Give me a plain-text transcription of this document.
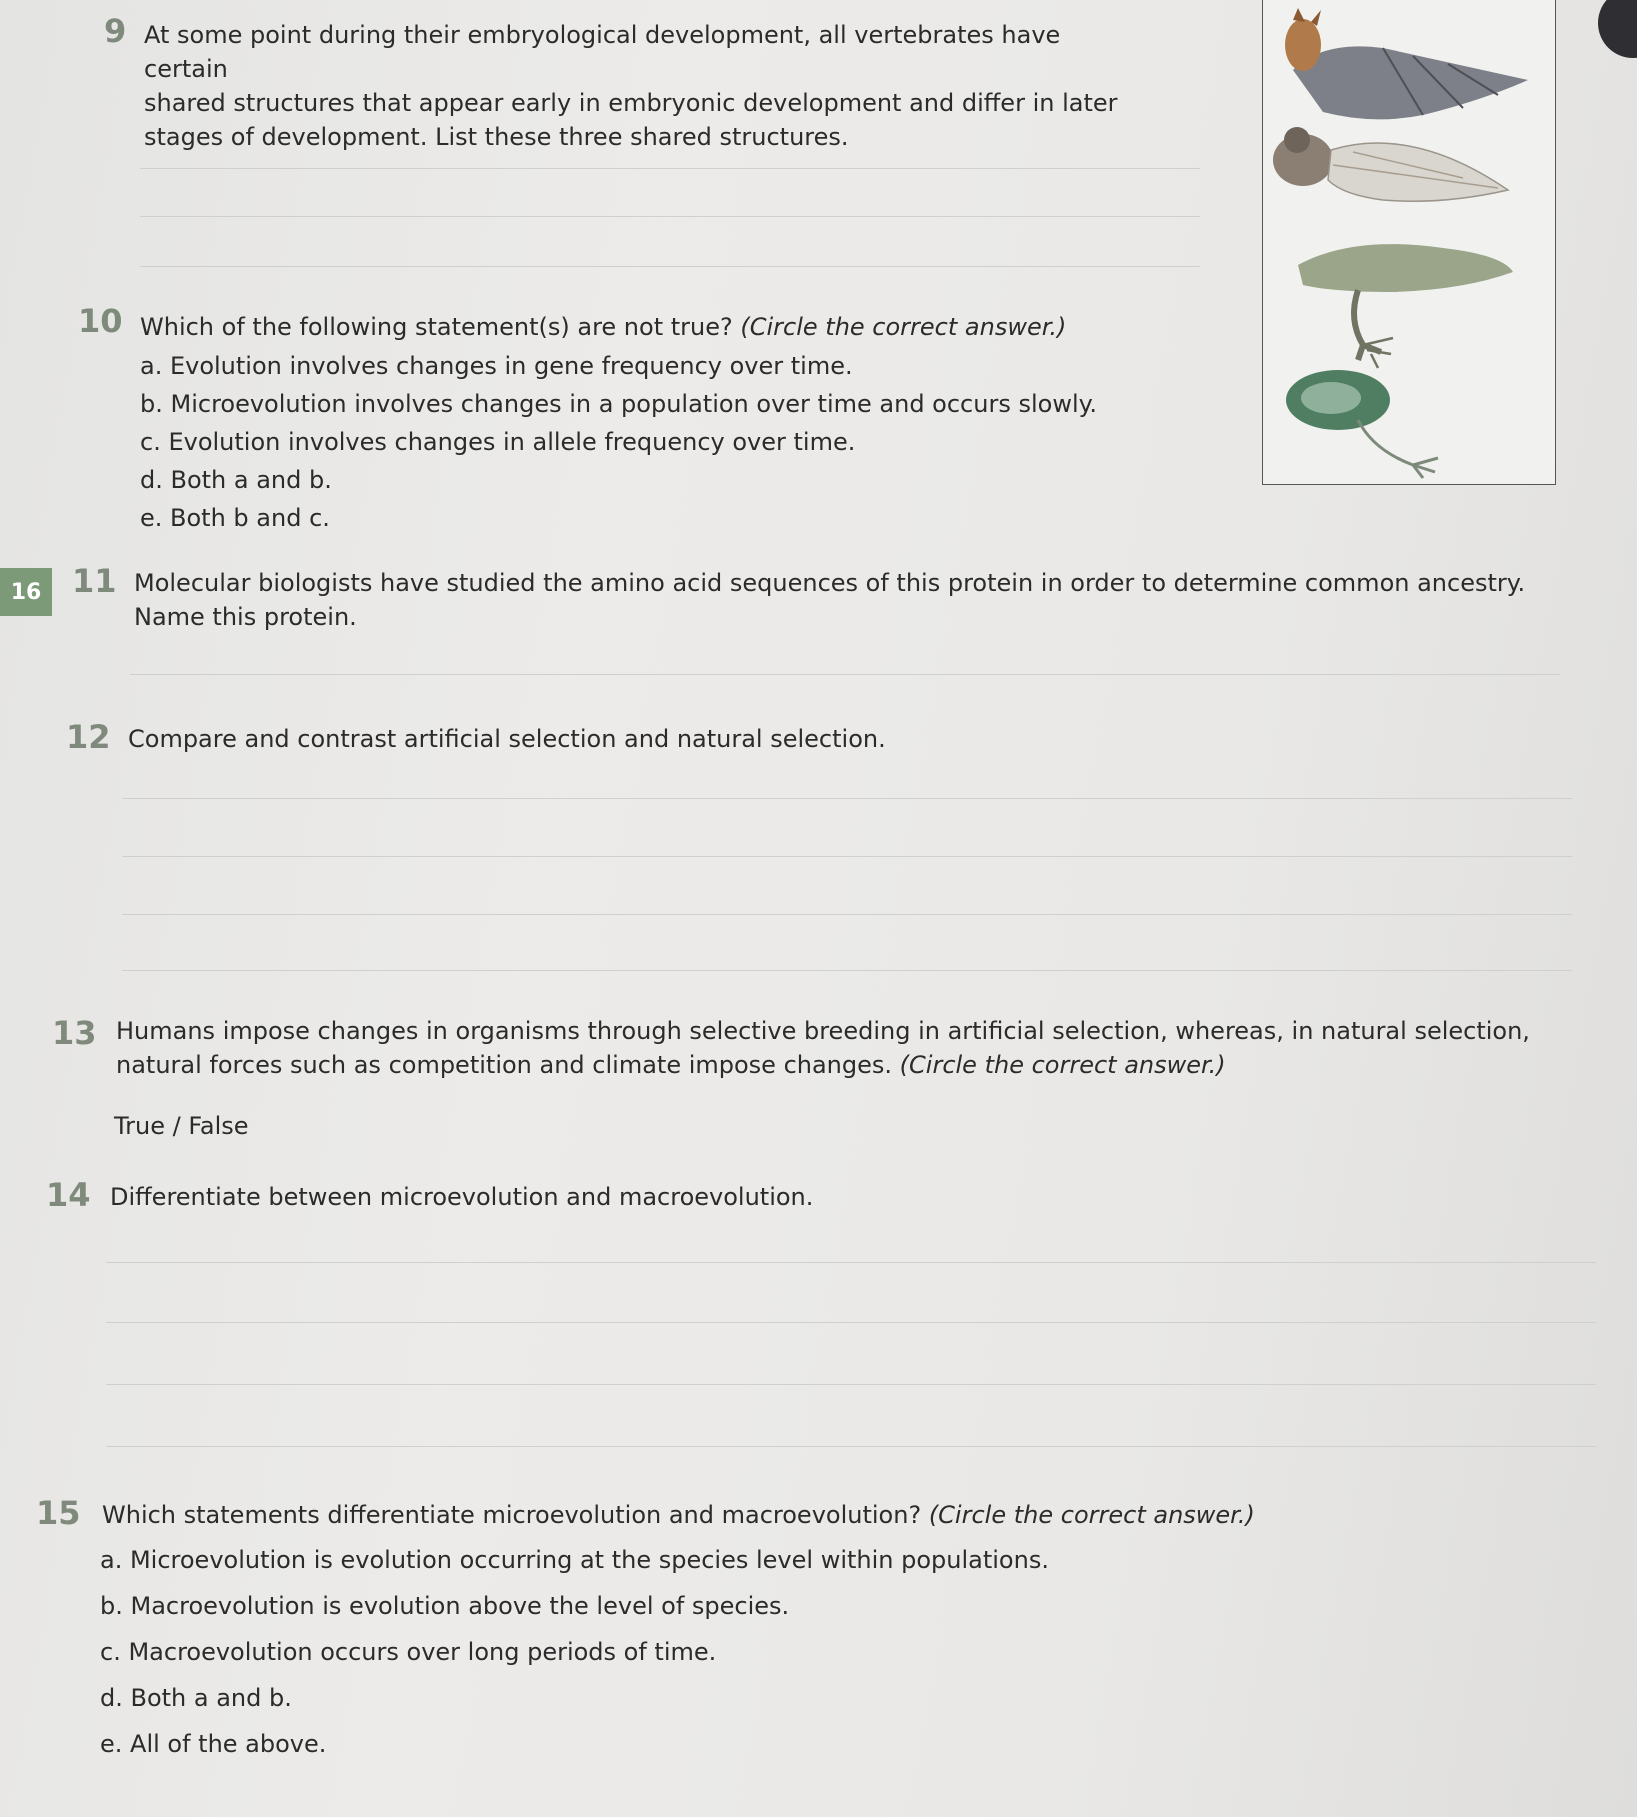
16
9 At some point during their embryological development, all vertebrates have certain
shared structures that appear early in embryonic development and differ in later
stages of development. List these three shared structures.
10 Which of the following statement(s) are not true? (Circle the correct answer.)
a. Evolution involves changes in gene frequency over time.
b. Microevolution involves changes in a population over time and occurs slowly.
c. Evolution involves changes in allele frequency over time.
d. Both a and b.
e. Both b and c.
11 Molecular biologists have studied the amino acid sequences of this protein in order to determine common ancestry.
Name this protein.
12 Compare and contrast artificial selection and natural selection.
13 Humans impose changes in organisms through selective breeding in artificial selection, whereas, in natural selection,
natural forces such as competition and climate impose changes. (Circle the correct answer.)
True / False
14 Differentiate between microevolution and macroevolution.
15 Which statements differentiate microevolution and macroevolution? (Circle the correct answer.)
a. Microevolution is evolution occurring at the species level within populations.
b. Macroevolution is evolution above the level of species.
c. Macroevolution occurs over long periods of time.
d. Both a and b.
e. All of the above.
